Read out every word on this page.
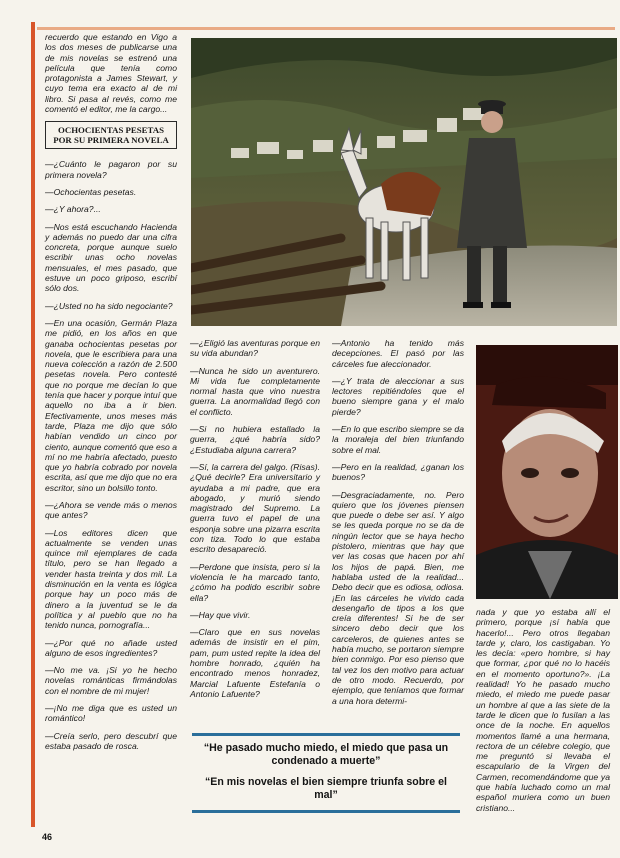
recuerdo que estando en Vigo a los dos meses de publicarse una de mis novelas se estrenó una película que tenía como protagonista a James Stewart, y cuyo tema era exacto al de mi libro. Si pasa al revés, como me comentó el editor, me la cargo...

OCHOCIENTAS PESETAS POR SU PRIMERA NOVELA

—¿Cuánto le pagaron por su primera novela?

—Ochocientas pesetas.

—¿Y ahora?...

—Nos está escuchando Hacienda y además no puedo dar una cifra concreta, porque aunque suelo escribir unas ocho novelas mensuales, el mes pasado, que estuve un poco griposo, escribí sólo dos.

—¿Usted no ha sido negociante?

—En una ocasión, Germán Plaza me pidió, en los años en que ganaba ochocientas pesetas por novela, que le escribiera para una nueva colección a razón de 2.500 pesetas novela. Pero contesté que no porque me decían lo que tenía que hacer y porque intuí que aquello no iba a ir bien. Efectivamente, unos meses más tarde, Plaza me dijo que sólo habían vendido un cinco por ciento, aunque comentó que eso a mí no me habría afectado, puesto que yo habría cobrado por novela escrita, así que me dijo que no era escritor, sino un bolsillo tonto.

—¿Ahora se vende más o menos que antes?

—Los editores dicen que actualmente se venden unas quince mil ejemplares de cada título, pero se han llegado a vender hasta treinta y dos mil. La disminución en la venta es lógica porque hay un poco más de dinero a la juventud se le da política y al pueblo que no ha tenido nunca, pornografía...

—¿Por qué no añade usted alguno de esos ingredientes?

—No me va. ¡Si yo he hecho novelas románticas firmándolas con el nombre de mi mujer!

—¡No me diga que es usted un romántico!

—Creía serlo, pero descubrí que estaba pasado de rosca.

—¿Eligió las aventuras porque en su vida abundan?

—Nunca he sido un aventurero. Mi vida fue completamente normal hasta que vino nuestra guerra. La anormalidad llegó con el conflicto.

—Si no hubiera estallado la guerra, ¿qué habría sido? ¿Estudiaba alguna carrera?

—Sí, la carrera del galgo. (Risas). ¿Qué decirle? Era universitario y ayudaba a mi padre, que era abogado, y murió siendo magistrado del Supremo. La guerra tuvo el papel de una esponja sobre una pizarra escrita con tiza. Todo lo que estaba escrito desapareció.

—Perdone que insista, pero si la violencia le ha marcado tanto, ¿cómo ha podido escribir sobre ella?

—Hay que vivir.

—Claro que en sus novelas además de insistir en el pim, pam, pum usted repite la idea del hombre honrado, ¿quién ha encontrado menos honradez, Marcial Lafuente Estefanía o Antonio Lafuente?

—Antonio ha tenido más decepciones. El pasó por las cárceles fue aleccionador.

—¿Y trata de aleccionar a sus lectores repitiéndoles que el bueno siempre gana y el malo pierde?

—En lo que escribo siempre se da la moraleja del bien triunfando sobre el mal.

—Pero en la realidad, ¿ganan los buenos?

—Desgraciadamente, no. Pero quiero que los jóvenes piensen que puede o debe ser así. Y algo se les queda porque no se da de ningún lector que se haya hecho pistolero, mientras que hay que ver las cosas que hacen por ahí los hijos de papá. Bien, me hablaba usted de la realidad... Debo decir que es odiosa, odiosa. ¡En las cárceles he vivido cada desengaño de tipos a los que creía diferentes! Si he de ser sincero debo decir que los carceleros, de quienes antes se había mucho, se portaron siempre bien conmigo. Por eso pienso que tal vez los den motivo para actuar de otro modo. Recuerdo, por ejemplo, que teníamos que formar a una hora determi-

nada y que yo estaba allí el primero, porque ¡sí había que hacerlo!... Pero otros llegaban tarde y, claro, los castigaban. Yo les decía: «pero hombre, si hay que formar, ¿por qué no lo hacéis en el momento oportuno?». ¡La realidad! Yo he pasado mucho miedo, el miedo me puede pasar un hombre al que a las siete de la tarde le dicen que lo fusilan a las once de la noche. En aquellos momentos llamé a una hermana, rectora de un célebre colegio, que me preguntó si llevaba el escapulario de la Virgen del Carmen, recomendándome que ya que había luchado como un mal español muriera como un buen cristiano...

“He pasado mucho miedo, el miedo que pasa un condenado a muerte”

“En mis novelas el bien siempre triunfa sobre el mal”

46
